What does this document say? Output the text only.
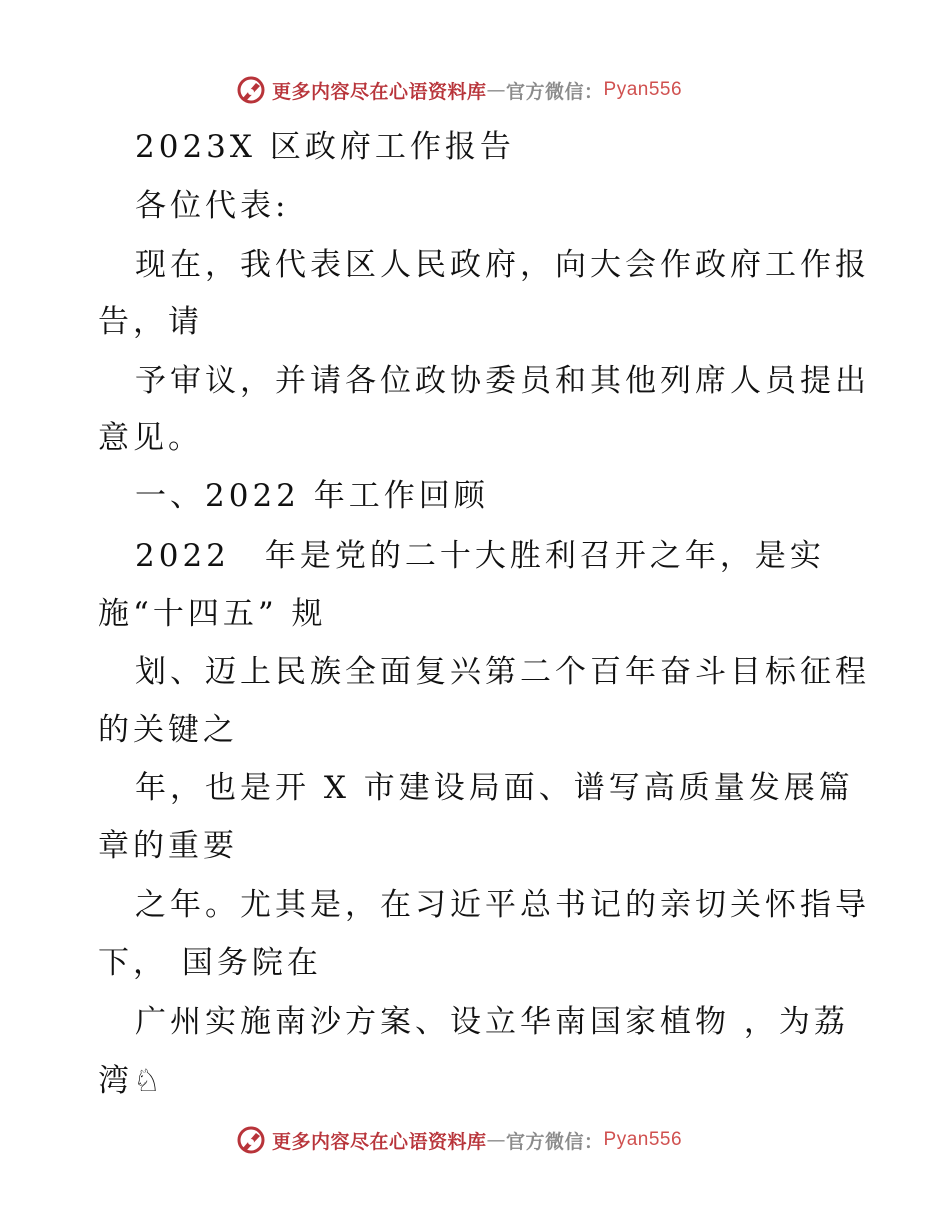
更多内容尽在心语资料库 — 官方微信： Pyan556
2023X 区政府工作报告
各位代表:
现在，我代表区人民政府，向大会作政府工作报
告，请
予审议，并请各位政协委员和其他列席人员提出
意见。
一、2022 年工作回顾
2022　年是党的二十大胜利召开之年，是实
施“十四五” 规
划、迈上民族全面复兴第二个百年奋斗目标征程
的关键之
年，也是开 X 市建设局面、谱写高质量发展篇
章的重要
之年。尤其是，在习近平总书记的亲切关怀指导
下， 国务院在
广州实施南沙方案、设立华南国家植物 ，为荔
湾♘
更多内容尽在心语资料库 — 官方微信： Pyan556
